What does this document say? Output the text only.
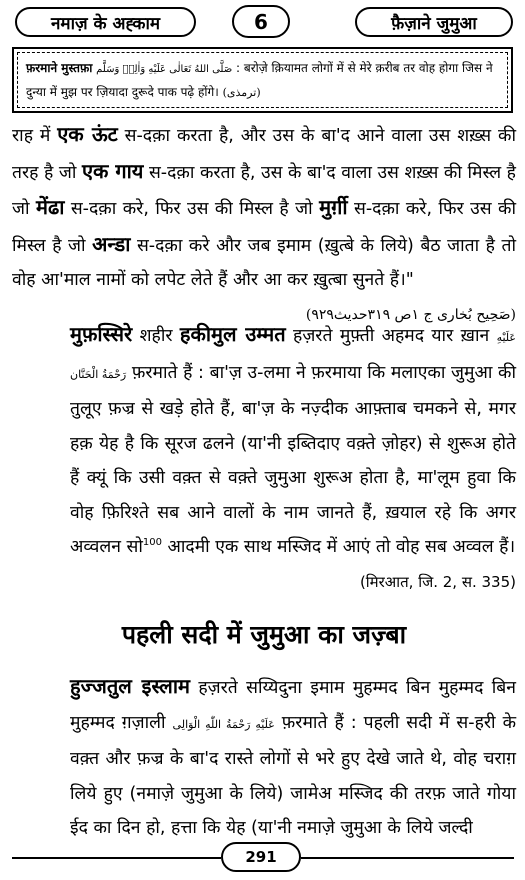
नमाज़ के अह्काम	6	फ़ैज़ाने जुमुआ
फ़रमाने मुस्तफ़ा صَلَّى اللهُ تَعَالٰى عَلَيْهِ وَاٰلِهٖ وَسَلَّم : बरोज़े क़ियामत लोगों में से मेरे क़रीब तर वोह होगा जिस ने दुन्या में मुझ पर ज़ियादा दुरूदे पाक पढ़े होंगे। (ترمذی)

राह में एक ऊंट स-दक़ा करता है, और उस के बा'द आने वाला उस शख़्स की तरह है जो एक गाय स-दक़ा करता है, उस के बा'द वाला उस शख़्स की मिस्ल है जो मेंढा स-दक़ा करे, फिर उस की मिस्ल है जो मुर्ग़ी स-दक़ा करे, फिर उस की मिस्ल है जो अन्डा स-दक़ा करे और जब इमाम (ख़ुत्बे के लिये) बैठ जाता है तो वोह आ'माल नामों को लपेट लेते हैं और आ कर ख़ुत्बा सुनते हैं।"
(صَحِیح بُخاری ج ۱ص ۳۱۹حدیث۹۲۹)

मुफ़स्सिरे शहीर हकीमुल उम्मत हज़रते मुफ़्ती अहमद यार ख़ान عَلَيْهِ رَحْمَةُ الْحَنَّان फ़रमाते हैं : बा'ज़ उ-लमा ने फ़रमाया कि मलाएका जुमुआ की तुलूए फ़ज्र से खड़े होते हैं, बा'ज़ के नज़्दीक आफ़्ताब चमकने से, मगर हक़ येह है कि सूरज ढलने (या'नी इब्तिदाए वक़्ते ज़ोहर) से शुरूअ होते हैं क्यूं कि उसी वक़्त से वक़्ते जुमुआ शुरूअ होता है, मा'लूम हुवा कि वोह फ़िरिश्ते सब आने वालों के नाम जानते हैं, ख़याल रहे कि अगर अव्वलन सो$^{100}$ आदमी एक साथ मस्जिद में आएं तो वोह सब अव्वल हैं।
(मिरआत, जि. 2, स. 335)

पहली सदी में जुमुआ का जज़्बा

हुज्जतुल इस्लाम हज़रते सय्यिदुना इमाम मुहम्मद बिन मुहम्मद बिन मुहम्मद ग़ज़ाली عَلَيْهِ رَحْمَةُ اللّٰهِ الْوَالِى फ़रमाते हैं : पहली सदी में स-हरी के वक़्त और फ़ज्र के बा'द रास्ते लोगों से भरे हुए देखे जाते थे, वोह चराग़ लिये हुए (नमाज़े जुमुआ के लिये) जामेअ मस्जिद की तरफ़ जाते गोया ईद का दिन हो, हत्ता कि येह (या'नी नमाज़े जुमुआ के लिये जल्दी

291
